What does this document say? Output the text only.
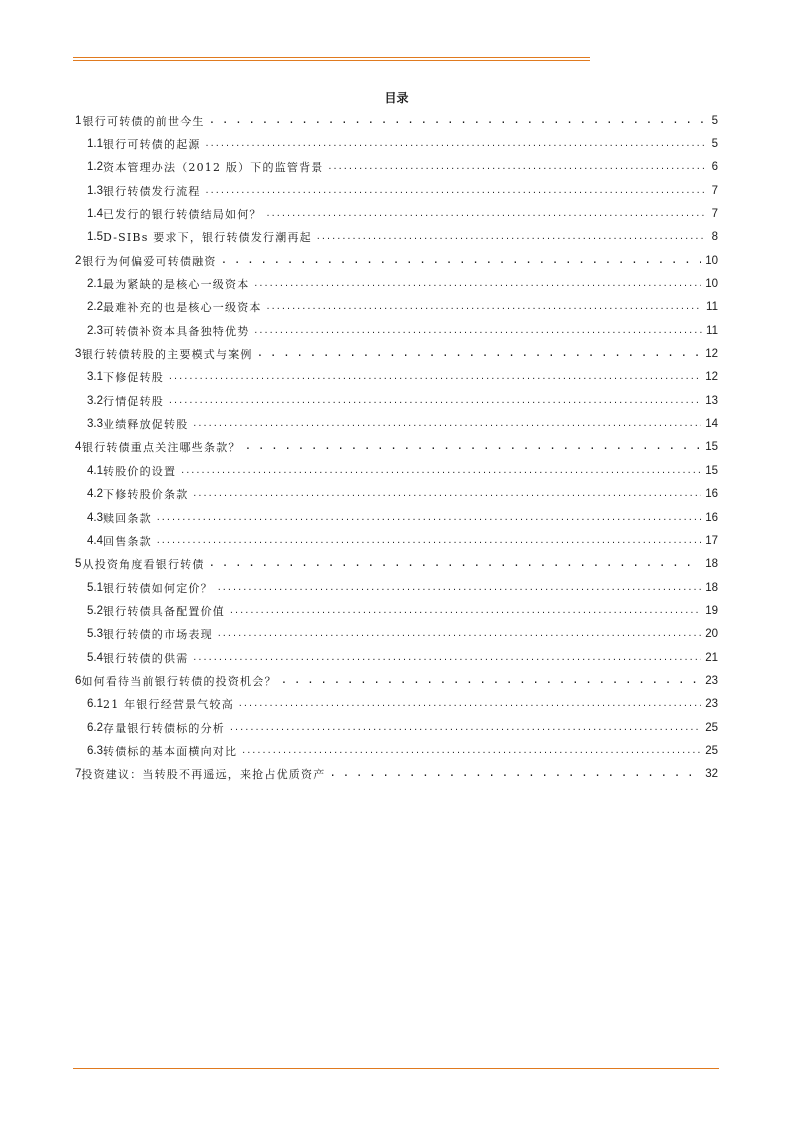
目录
1 银行可转债的前世今生 . . .	5
1.1 银行可转债的起源 .....	5
1.2 资本管理办法（2012 版）下的监管背景 .....	6
1.3 银行转债发行流程 .....	7
1.4 已发行的银行转债结局如何？ .....	7
1.5 D-SIBs 要求下，银行转债发行潮再起 .....	8
2 银行为何偏爱可转债融资 . . .	10
2.1 最为紧缺的是核心一级资本 .....	10
2.2 最难补充的也是核心一级资本 .....	11
2.3 可转债补资本具备独特优势 .....	11
3 银行转债转股的主要模式与案例 . . .	12
3.1 下修促转股 .....	12
3.2 行情促转股 .....	13
3.3 业绩释放促转股 .....	14
4 银行转债重点关注哪些条款？ . . .	15
4.1 转股价的设置 .....	15
4.2 下修转股价条款 .....	16
4.3 赎回条款 .....	16
4.4 回售条款 .....	17
5 从投资角度看银行转债 . . .	18
5.1 银行转债如何定价？ .....	18
5.2 银行转债具备配置价值 .....	19
5.3 银行转债的市场表现 .....	20
5.4 银行转债的供需 .....	21
6 如何看待当前银行转债的投资机会？ . . .	23
6.1 21 年银行经营景气较高 .....	23
6.2 存量银行转债标的分析 .....	25
6.3 转债标的基本面横向对比 .....	25
7 投资建议：当转股不再遥远，来抢占优质资产 . . .	32
